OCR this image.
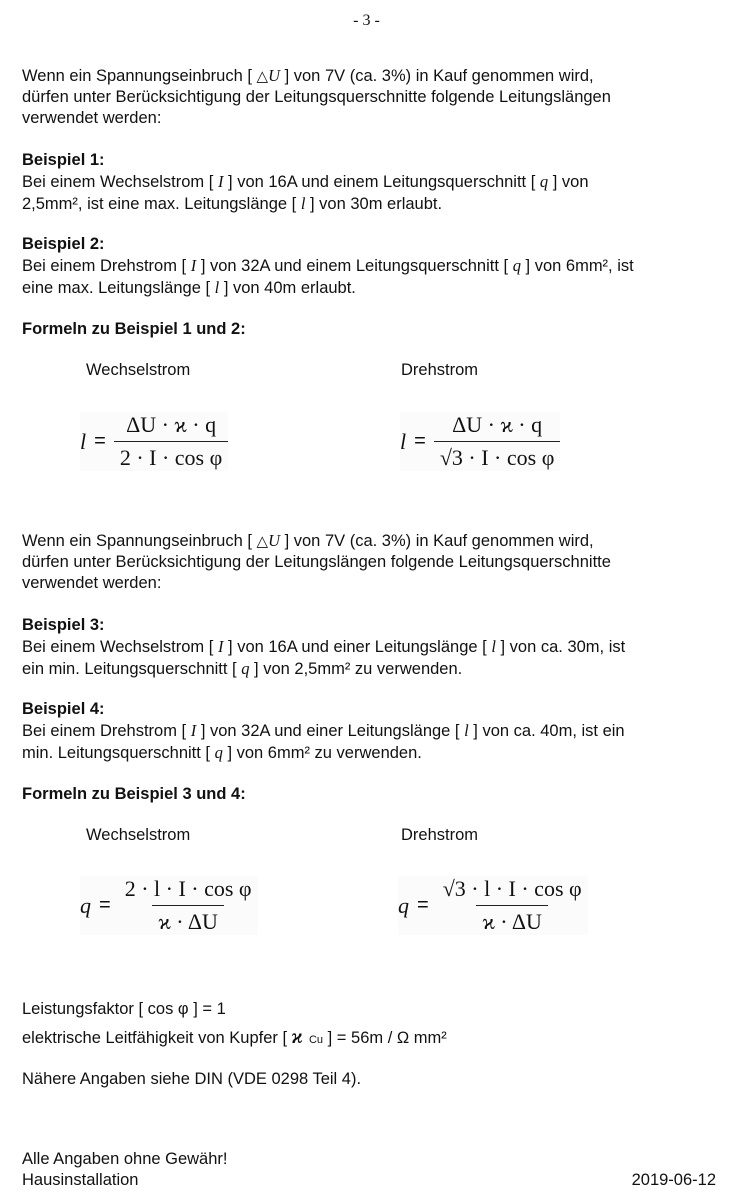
- 3 -
Wenn ein Spannungseinbruch [ △U ] von 7V (ca. 3%) in Kauf genommen wird,
dürfen unter Berücksichtigung der Leitungsquerschnitte folgende Leitungslängen
verwendet werden:
Beispiel 1:
Bei einem Wechselstrom [ I ] von 16A und einem Leitungsquerschnitt [ q ] von
2,5mm², ist eine max. Leitungslänge [ l ] von 30m erlaubt.
Beispiel 2:
Bei einem Drehstrom [ I ] von 32A und einem Leitungsquerschnitt [ q ] von 6mm², ist
eine max. Leitungslänge [ l ] von 40m erlaubt.
Formeln zu Beispiel 1 und 2:
Wechselstrom	Drehstrom
$l = \frac{\Delta U \cdot ϰ \cdot q}{\text{2 · I · cos φ}}$	$l = \frac{\Delta U \cdot ϰ \cdot q}{\text{√3 · I · cos φ}}$
Wenn ein Spannungseinbruch [ △U ] von 7V (ca. 3%) in Kauf genommen wird,
dürfen unter Berücksichtigung der Leitungslängen folgende Leitungsquerschnitte
verwendet werden:
Beispiel 3:
Bei einem Wechselstrom [ I ] von 16A und einer Leitungslänge [ l ] von ca. 30m, ist
ein min. Leitungsquerschnitt [ q ] von 2,5mm² zu verwenden.
Beispiel 4:
Bei einem Drehstrom [ I ] von 32A und einer Leitungslänge [ l ] von ca. 40m, ist ein
min. Leitungsquerschnitt [ q ] von 6mm² zu verwenden.
Formeln zu Beispiel 3 und 4:
Wechselstrom	Drehstrom
$q = \frac{\text{2 · l · I · cos φ}}{ϰ \cdot \Delta U}$	$q = \frac{\text{√3 · l · I · cos φ}}{ϰ \cdot \Delta U}$
Leistungsfaktor [ cos φ ] = 1
elektrische Leitfähigkeit von Kupfer [ ϰ Cu ] = 56m / Ω mm²
Nähere Angaben siehe DIN (VDE 0298 Teil 4).
Alle Angaben ohne Gewähr!
Hausinstallation	2019-06-12
